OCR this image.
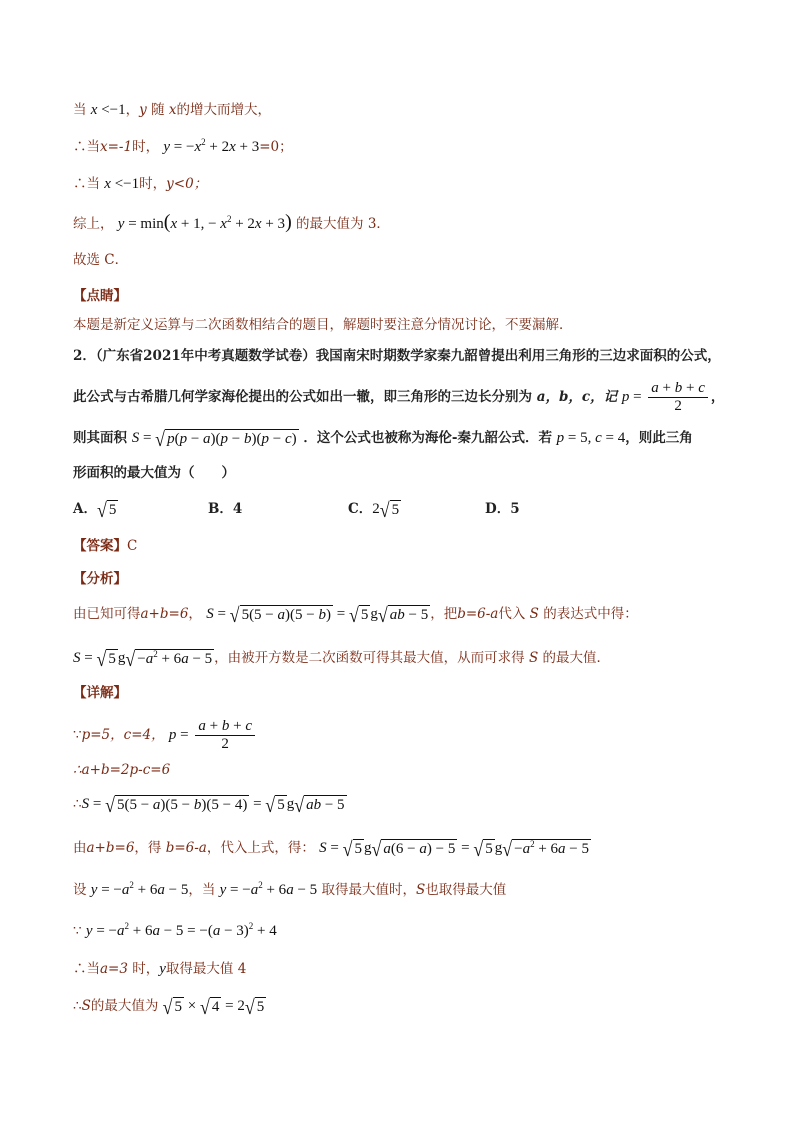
当 x <−1，y 随 x的增大而增大，
∴当x=-1时， $y = -x^2 + 2x + 3=0$；
∴当 x <−1时，y<0；
综上， y = min(x + 1, − $x^2 + 2x + 3$) 的最大值为 3．
故选 C．
【点睛】
本题是新定义运算与二次函数相结合的题目，解题时要注意分情况讨论，不要漏解．
2．（广东省2021年中考真题数学试卷）我国南宋时期数学家秦九韶曾提出利用三角形的三边求面积的公式，
此公式与古希腊几何学家海伦提出的公式如出一辙，即三角形的三边长分别为 a，b，c，记 $p = \frac{a + b + c}{2}$ ，
则其面积 S = √ p(p − a)(p − b)(p − c) ．这个公式也被称为海伦-秦九韶公式．若 p = 5, c = 4，则此三角
形面积的最大值为（　　）
A． √ 5	B．4	C．2 √ 5	D．5
【答案】C
【分析】
由已知可得a+b=6， S = √ 5(5 − a)(5 − b) = √ 5 g √ ab − 5 ，把b=6-a代入 S 的表达式中得：
S = √ 5 g √ $-a^2 + 6a - 5$ ，由被开方数是二次函数可得其最大值，从而可求得 S 的最大值．
【详解】
∵p=5，c=4， $p = \frac{a + b + c}{2}$
∴a+b=2p-c=6
∴S = √ 5(5 − a)(5 − b)(5 − 4) = √ 5 g √ ab − 5
由a+b=6，得 b=6-a，代入上式，得： S = √ 5 g √ a(6 − a) − 5 = √ 5 g √ $-a^2 + 6a - 5$
设 $y = -a^2 + 6a - 5$，当 $y = -a^2 + 6a - 5$ 取得最大值时，S也取得最大值
∵ $y = -a^2 + 6a - 5 = -(a - 3)^2 + 4$
∴当a=3 时，y取得最大值 4
∴S的最大值为 √ 5 × √ 4 = 2 √ 5
